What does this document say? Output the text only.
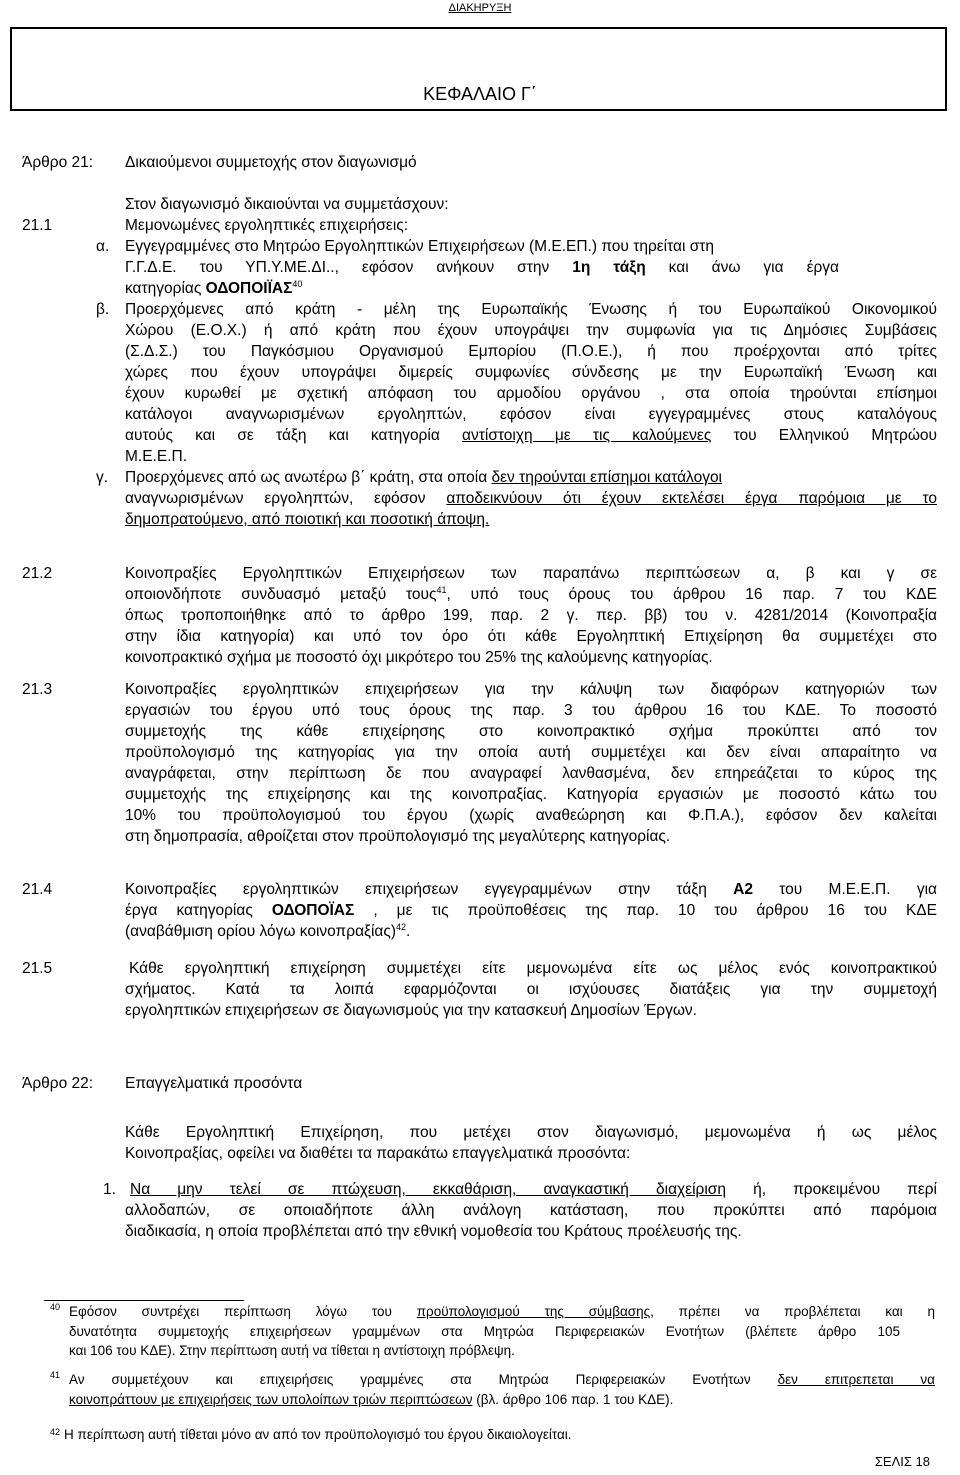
ΔΙΑΚΗΡΥΞΗ
ΚΕΦΑΛΑΙΟ Γ΄
Άρθρο 21: Δικαιούμενοι συμμετοχής στον διαγωνισμό
Στον διαγωνισμό δικαιούνται να συμμετάσχουν:
21.1	Μεμονωμένες εργοληπτικές επιχειρήσεις:
α. Εγγεγραμμένες στο Μητρώο Εργοληπτικών Επιχειρήσεων (Μ.Ε.ΕΠ.) που τηρείται στη
Γ.Γ.Δ.Ε. του ΥΠ.Υ.ΜΕ.ΔΙ.., εφόσον ανήκουν στην 1η τάξη και άνω για έργα
κατηγορίας ΟΔΟΠΟΙΪΑΣ$^{40}$
β. Προερχόμενες από κράτη - μέλη της Ευρωπαϊκής Ένωσης ή του Ευρωπαϊκού Οικονομικού
Χώρου (Ε.Ο.Χ.) ή από κράτη που έχουν υπογράψει την συμφωνία για τις Δημόσιες Συμβάσεις
(Σ.Δ.Σ.) του Παγκόσμιου Οργανισμού Εμπορίου (Π.Ο.Ε.), ή που προέρχονται από τρίτες
χώρες που έχουν υπογράψει διμερείς συμφωνίες σύνδεσης με την Ευρωπαϊκή Ένωση και
έχουν κυρωθεί με σχετική απόφαση του αρμοδίου οργάνου , στα οποία τηρούνται επίσημοι
κατάλογοι αναγνωρισμένων εργοληπτών, εφόσον είναι εγγεγραμμένες στους καταλόγους
αυτούς και σε τάξη και κατηγορία αντίστοιχη με τις καλούμενες του Ελληνικού Μητρώου
Μ.Ε.Ε.Π.
γ. Προερχόμενες από ως ανωτέρω β΄ κράτη, στα οποία δεν τηρούνται επίσημοι κατάλογοι
αναγνωρισμένων εργοληπτών, εφόσον αποδεικνύουν ότι έχουν εκτελέσει έργα παρόμοια με το
δημοπρατούμενο, από ποιοτική και ποσοτική άποψη.
21.2	Κοινοπραξίες Εργοληπτικών Επιχειρήσεων των παραπάνω περιπτώσεων α, β και γ σε
οποιονδήποτε συνδυασμό μεταξύ τους$^{41}$, υπό τους όρους του άρθρου 16 παρ. 7 του ΚΔΕ
όπως τροποποιήθηκε από το άρθρο 199, παρ. 2 γ. περ. ββ) του ν. 4281/2014 (Κοινοπραξία
στην ίδια κατηγορία) και υπό τον όρο ότι κάθε Εργοληπτική Επιχείρηση θα συμμετέχει στο
κοινοπρακτικό σχήμα με ποσοστό όχι μικρότερο του 25% της καλούμενης κατηγορίας.
21.3	Κοινοπραξίες εργοληπτικών επιχειρήσεων για την κάλυψη των διαφόρων κατηγοριών των
εργασιών του έργου υπό τους όρους της παρ. 3 του άρθρου 16 του ΚΔΕ. Το ποσοστό
συμμετοχής της κάθε επιχείρησης στο κοινοπρακτικό σχήμα προκύπτει από τον
προϋπολογισμό της κατηγορίας για την οποία αυτή συμμετέχει και δεν είναι απαραίτητο να
αναγράφεται, στην περίπτωση δε που αναγραφεί λανθασμένα, δεν επηρεάζεται το κύρος της
συμμετοχής της επιχείρησης και της κοινοπραξίας. Κατηγορία εργασιών με ποσοστό κάτω του
10% του προϋπολογισμού του έργου (χωρίς αναθεώρηση και Φ.Π.Α.), εφόσον δεν καλείται
στη δημοπρασία, αθροίζεται στον προϋπολογισμό της μεγαλύτερης κατηγορίας.
21.4	Κοινοπραξίες εργοληπτικών επιχειρήσεων εγγεγραμμένων στην τάξη Α2 του Μ.Ε.Ε.Π. για
έργα κατηγορίας ΟΔΟΠΟΪΑΣ , με τις προϋποθέσεις της παρ. 10 του άρθρου 16 του ΚΔΕ
(αναβάθμιση ορίου λόγω κοινοπραξίας)$^{42}$.
21.5	Κάθε εργοληπτική επιχείρηση συμμετέχει είτε μεμονωμένα είτε ως μέλος ενός κοινοπρακτικού
σχήματος. Κατά τα λοιπά εφαρμόζονται οι ισχύουσες διατάξεις για την συμμετοχή
εργοληπτικών επιχειρήσεων σε διαγωνισμούς για την κατασκευή Δημοσίων Έργων.
Άρθρο 22: Επαγγελματικά προσόντα
Κάθε Εργοληπτική Επιχείρηση, που μετέχει στον διαγωνισμό, μεμονωμένα ή ως μέλος
Κοινοπραξίας, οφείλει να διαθέτει τα παρακάτω επαγγελματικά προσόντα:
1. Να μην τελεί σε πτώχευση, εκκαθάριση, αναγκαστική διαχείριση ή, προκειμένου περί
αλλοδαπών, σε οποιαδήποτε άλλη ανάλογη κατάσταση, που προκύπτει από παρόμοια
διαδικασία, η οποία προβλέπεται από την εθνική νομοθεσία του Κράτους προέλευσής της.
40 Εφόσον συντρέχει περίπτωση λόγω του προϋπολογισμού της σύμβασης, πρέπει να προβλέπεται και η
δυνατότητα συμμετοχής επιχειρήσεων γραμμένων στα Μητρώα Περιφερειακών Ενοτήτων (βλέπετε άρθρο 105
και 106 του ΚΔΕ). Στην περίπτωση αυτή να τίθεται η αντίστοιχη πρόβλεψη.
41 Αν συμμετέχουν και επιχειρήσεις γραμμένες στα Μητρώα Περιφερειακών Ενοτήτων δεν επιτρεπεται να
κοινοπράττουν με επιχειρήσεις των υπολοίπων τριών περιπτώσεων (βλ. άρθρο 106 παρ. 1 του ΚΔΕ).
42 Η περίπτωση αυτή τίθεται μόνο αν από τον προϋπολογισμό του έργου δικαιολογείται.
ΣΕΛΙΣ 18
